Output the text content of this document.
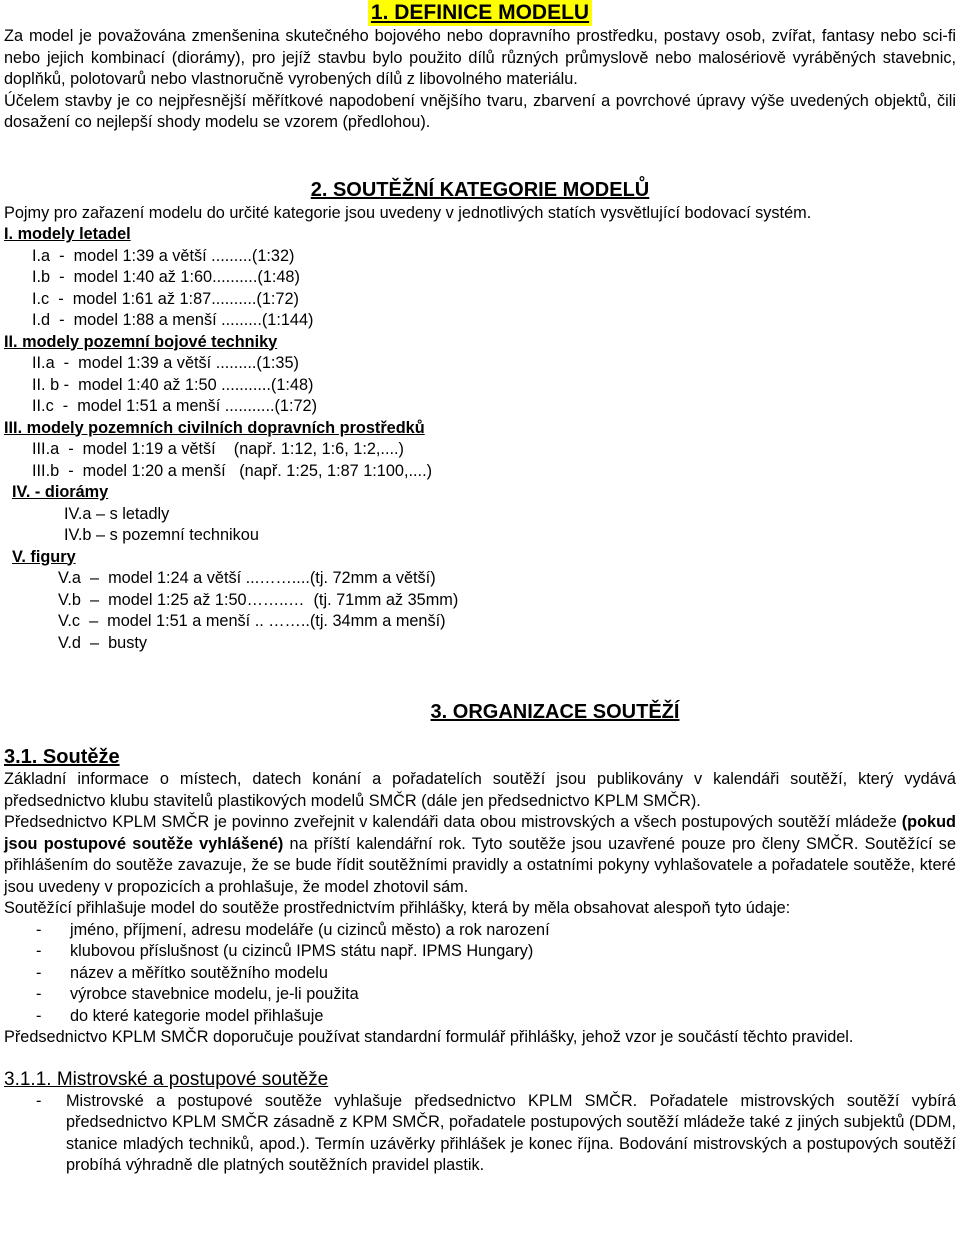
1. DEFINICE MODELU
Za model je považována zmenšenina skutečného bojového nebo dopravního prostředku, postavy osob, zvířat, fantasy nebo sci-fi nebo jejich kombinací (diorámy), pro jejíž stavbu bylo použito dílů různých průmyslově nebo malosériově vyráběných stavebnic, doplňků, polotovarů nebo vlastnoručně vyrobených dílů z libovolného materiálu.
Účelem stavby je co nejpřesnější měřítkové napodobení vnějšího tvaru, zbarvení a povrchové úpravy výše uvedených objektů, čili dosažení co nejlepší shody modelu se vzorem (předlohou).
2. SOUTĚŽNÍ KATEGORIE MODELŮ
Pojmy pro zařazení modelu do určité kategorie jsou uvedeny v jednotlivých statích vysvětlující bodovací systém.
I. modely letadel
I.a  -  model 1:39 a větší .........(1:32)
I.b  -  model 1:40 až 1:60..........(1:48)
I.c  -  model 1:61 až 1:87..........(1:72)
I.d  -  model 1:88 a menší .........(1:144)
II. modely pozemní bojové techniky
II.a  -  model 1:39 a větší .........(1:35)
II. b -  model 1:40 až 1:50 ...........(1:48)
II.c  -  model 1:51 a menší ...........(1:72)
III. modely pozemních civilních dopravních prostředků
III.a  -  model 1:19 a větší    (např. 1:12, 1:6, 1:2,....)
III.b  -  model 1:20 a menší   (např. 1:25, 1:87 1:100,....)
IV. - diorámy
IV.a – s letadly
IV.b – s pozemní technikou
V. figury
V.a  –  model 1:24 a větší ...……....(tj. 72mm a větší)
V.b  –  model 1:25 až 1:50……..…  (tj. 71mm až 35mm)
V.c  –  model 1:51 a menší .. ……..(tj. 34mm a menší)
V.d  –  busty
3. ORGANIZACE SOUTĚŽÍ
3.1. Soutěže
Základní informace o místech, datech konání a pořadatelích soutěží jsou publikovány v kalendáři soutěží, který vydává předsednictvo klubu stavitelů plastikových modelů SMČR (dále jen předsednictvo KPLM SMČR).
Předsednictvo KPLM SMČR je povinno zveřejnit v kalendáři data obou mistrovských a všech postupových soutěží mládeže (pokud jsou postupové soutěže vyhlášené) na příští kalendářní rok. Tyto soutěže jsou uzavřené pouze pro členy SMČR. Soutěžící se přihlášením do soutěže zavazuje, že se bude řídit soutěžními pravidly a ostatními pokyny vyhlašovatele a pořadatele soutěže, které jsou uvedeny v propozicích a prohlašuje, že model zhotovil sám.
Soutěžící přihlašuje model do soutěže prostřednictvím přihlášky, která by měla obsahovat alespoň tyto údaje:
- jméno, příjmení, adresu modeláře (u cizinců město) a rok narození
- klubovou příslušnost (u cizinců IPMS státu např. IPMS Hungary)
- název a měřítko soutěžního modelu
- výrobce stavebnice modelu, je-li použita
- do které kategorie model přihlašuje
Předsednictvo KPLM SMČR doporučuje používat standardní formulář přihlášky, jehož vzor je součástí těchto pravidel.
3.1.1. Mistrovské a postupové soutěže
- Mistrovské a postupové soutěže vyhlašuje předsednictvo KPLM SMČR. Pořadatele mistrovských soutěží vybírá předsednictvo KPLM SMČR zásadně z KPM SMČR, pořadatele postupových soutěží mládeže také z jiných subjektů (DDM, stanice mladých techniků, apod.). Termín uzávěrky přihlášek je konec října. Bodování mistrovských a postupových soutěží probíhá výhradně dle platných soutěžních pravidel plastik.
